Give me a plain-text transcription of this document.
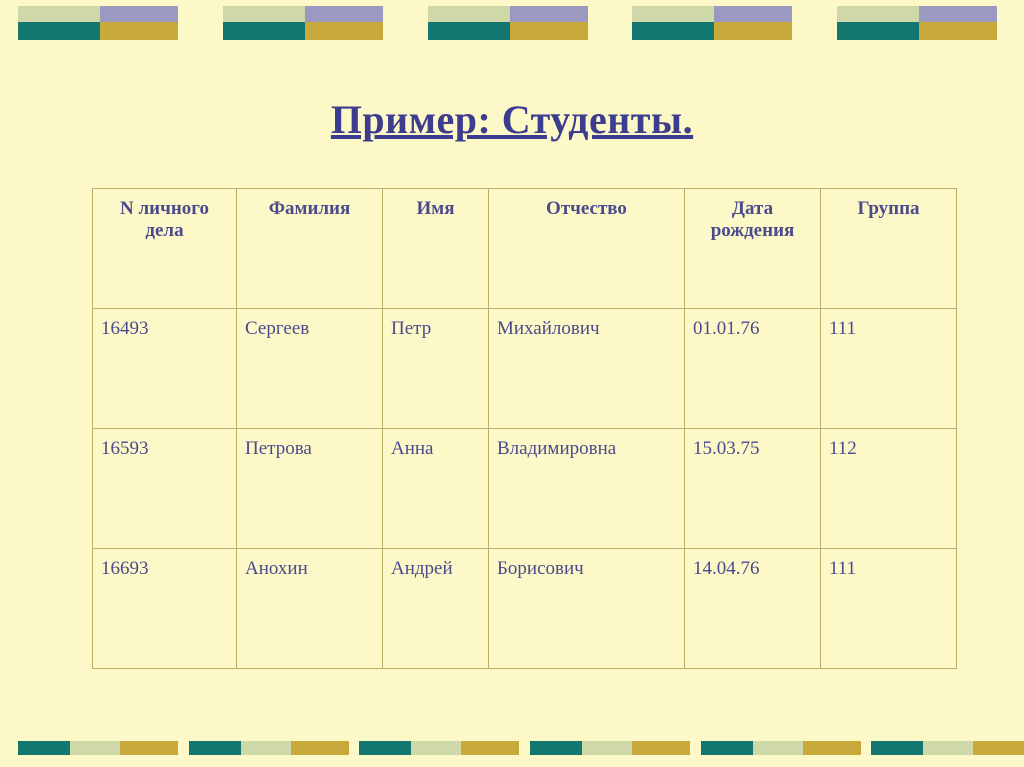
Пример: Студенты.
N личного дела	Фамилия	Имя	Отчество	Дата рождения	Группа

16493	Сергеев	Петр	Михайлович	01.01.76	111
16593	Петрова	Анна	Владимировна	15.03.75	112
16693	Анохин	Андрей	Борисович	14.04.76	111
